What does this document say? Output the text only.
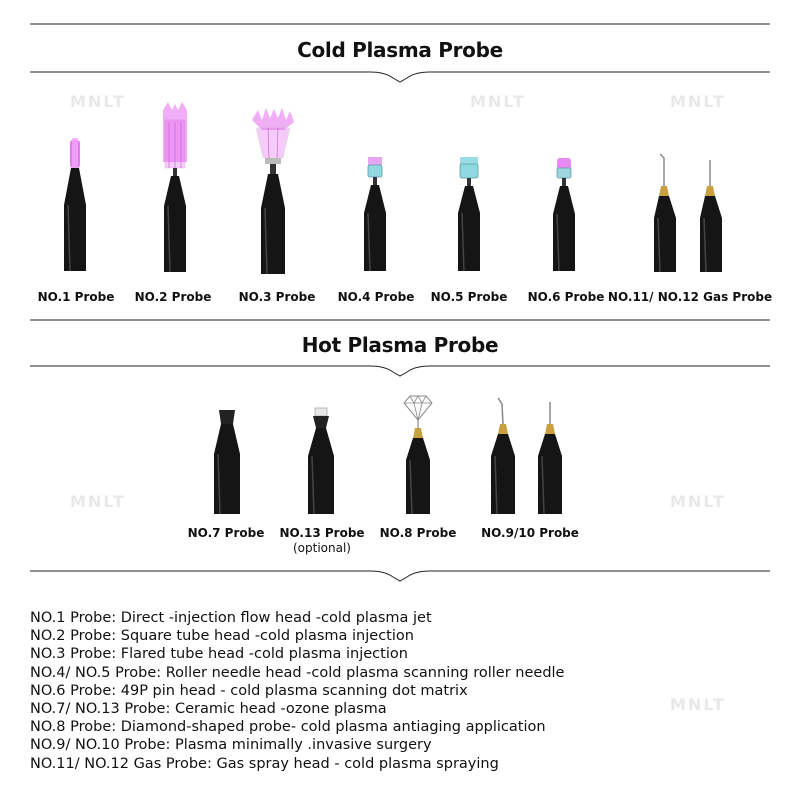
MNLT	MNLT	MNLT
MNLT	MNLT
MNLT
Cold Plasma Probe
Hot Plasma Probe
NO.1 Probe NO.2 Probe NO.3 Probe NO.4 Probe NO.5 Probe NO.6 Probe NO.11/ NO.12 Gas Probe
NO.7 Probe NO.13 Probe
(optional)
NO.8 Probe NO.9/10 Probe
NO.1 Probe: Direct -injection flow head -cold plasma jet
NO.2 Probe: Square tube head -cold plasma injection
NO.3 Probe: Flared tube head -cold plasma injection
NO.4/ NO.5 Probe: Roller needle head -cold plasma scanning roller needle
NO.6 Probe: 49P pin head - cold plasma scanning dot matrix
NO.7/ NO.13 Probe: Ceramic head -ozone plasma
NO.8 Probe: Diamond-shaped probe- cold plasma antiaging application
NO.9/ NO.10 Probe: Plasma minimally .invasive surgery
NO.11/ NO.12 Gas Probe: Gas spray head - cold plasma spraying
